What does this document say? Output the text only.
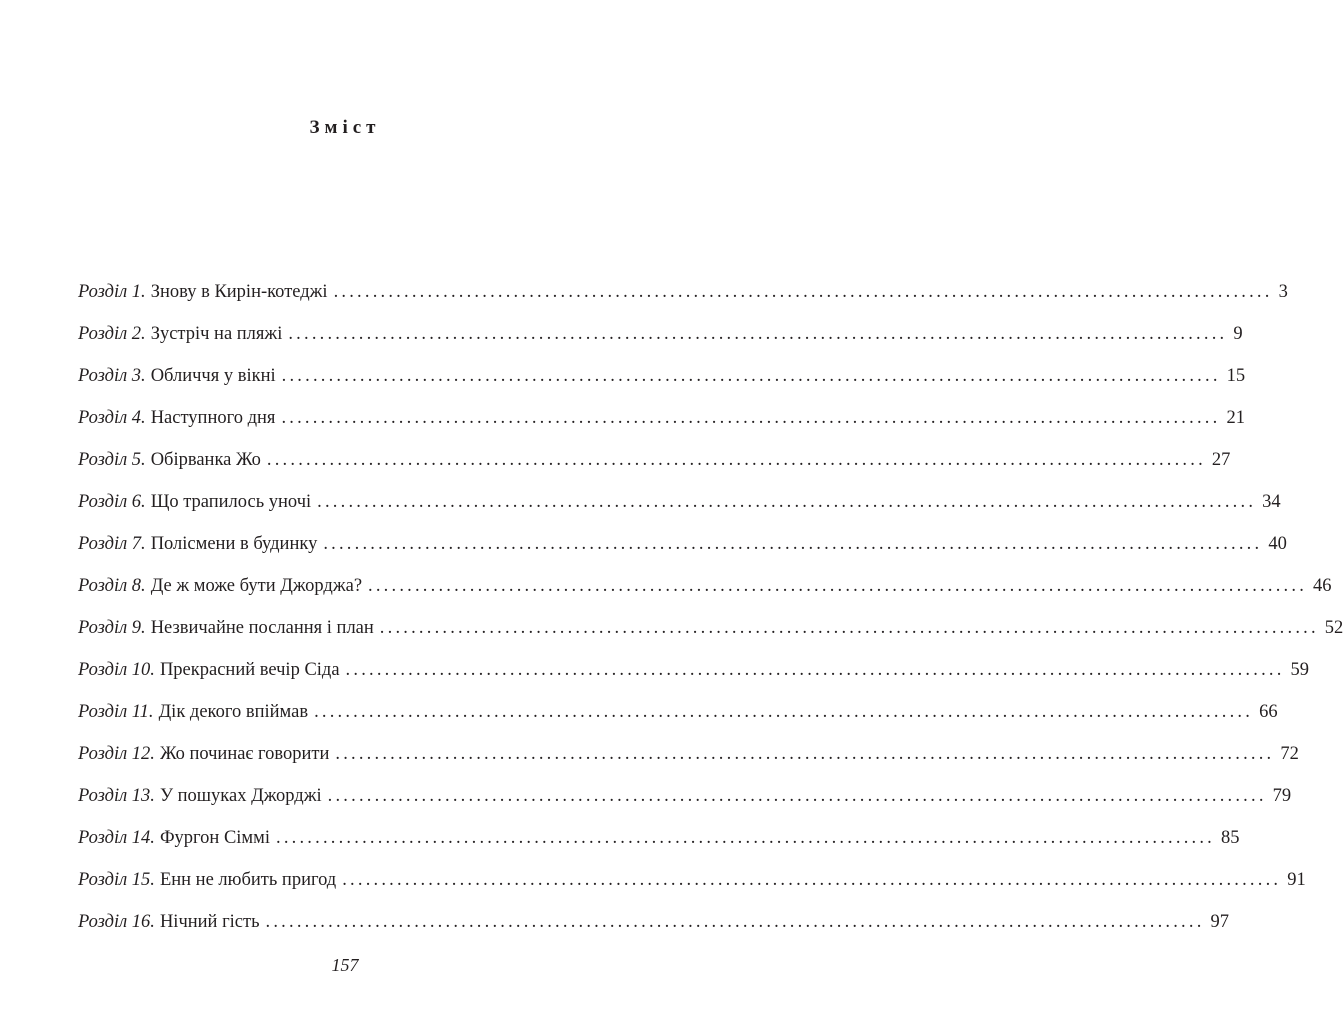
Зміст
Розділ 1. Знову в Кирін-котеджі ........................................................................................................................ 3
Розділ 2. Зустріч на пляжі ........................................................................................................................ 9
Розділ 3. Обличчя у вікні ........................................................................................................................ 15
Розділ 4. Наступного дня ........................................................................................................................ 21
Розділ 5. Обірванка Жо ........................................................................................................................ 27
Розділ 6. Що трапилось уночі ........................................................................................................................ 34
Розділ 7. Полісмени в будинку ........................................................................................................................ 40
Розділ 8. Де ж може бути Джорджа? ........................................................................................................................ 46
Розділ 9. Незвичайне послання і план ........................................................................................................................ 52
Розділ 10. Прекрасний вечір Сіда ........................................................................................................................ 59
Розділ 11. Дік декого впіймав ........................................................................................................................ 66
Розділ 12. Жо починає говорити ........................................................................................................................ 72
Розділ 13. У пошуках Джорджі ........................................................................................................................ 79
Розділ 14. Фургон Сіммі ........................................................................................................................ 85
Розділ 15. Енн не любить пригод ........................................................................................................................ 91
Розділ 16. Нічний гість ........................................................................................................................ 97

157
